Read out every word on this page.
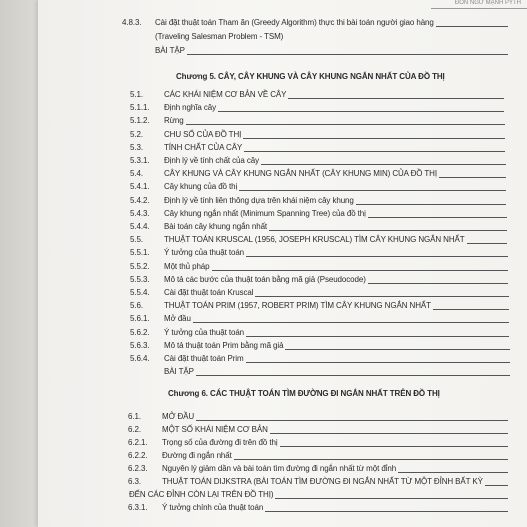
ĐỒN NGỮ MẠNH PYTH
4.8.3. Cài đặt thuật toán Tham ăn (Greedy Algorithm) thực thi bài toán người giao hàng
(Traveling Salesman Problem - TSM)
BÀI TẬP
Chương 5. CÂY, CÂY KHUNG VÀ CÂY KHUNG NGẮN NHẤT CỦA ĐỒ THỊ
5.1.	CÁC KHÁI NIỆM CƠ BẢN VỀ CÂY
5.1.1. Định nghĩa cây
5.1.2. Rừng
5.2.	CHU SỐ CỦA ĐỒ THỊ
5.3.	TÍNH CHẤT CỦA CÂY
5.3.1. Định lý về tính chất của cây
5.4.	CÂY KHUNG VÀ CÂY KHUNG NGẮN NHẤT (CÂY KHUNG MIN) CỦA ĐỒ THỊ
5.4.1. Cây khung của đồ thị
5.4.2. Định lý về tính liên thông dựa trên khái niệm cây khung
5.4.3. Cây khung ngắn nhất (Minimum Spanning Tree) của đồ thị
5.4.4. Bài toán cây khung ngắn nhất
5.5.	THUẬT TOÁN KRUSCAL (1956, JOSEPH KRUSCAL) TÌM CÂY KHUNG NGẮN NHẤT
5.5.1. Ý tưởng của thuật toán
5.5.2. Một thủ pháp
5.5.3. Mô tả các bước của thuật toán bằng mã giả (Pseudocode)
5.5.4. Cài đặt thuật toán Kruscal
5.6.	THUẬT TOÁN PRIM (1957, ROBERT PRIM) TÌM CÂY KHUNG NGẮN NHẤT
5.6.1. Mở đầu
5.6.2. Ý tưởng của thuật toán
5.6.3. Mô tả thuật toán Prim bằng mã giả
5.6.4. Cài đặt thuật toán Prim
BÀI TẬP
Chương 6. CÁC THUẬT TOÁN TÌM ĐƯỜNG ĐI NGẮN NHẤT TRÊN ĐỒ THỊ
6.1.	MỞ ĐẦU
6.2.	MỘT SỐ KHÁI NIỆM CƠ BẢN
6.2.1. Trọng số của đường đi trên đồ thị
6.2.2. Đường đi ngắn nhất
6.2.3. Nguyên lý giảm dần và bài toán tìm đường đi ngắn nhất từ một đỉnh
6.3.	THUẬT TOÁN DIJKSTRA (BÀI TOÁN TÌM ĐƯỜNG ĐI NGẮN NHẤT TỪ MỘT ĐỈNH BẤT KỲ
ĐẾN CÁC ĐỈNH CÒN LẠI TRÊN ĐỒ THỊ)
6.3.1. Ý tưởng chính của thuật toán
